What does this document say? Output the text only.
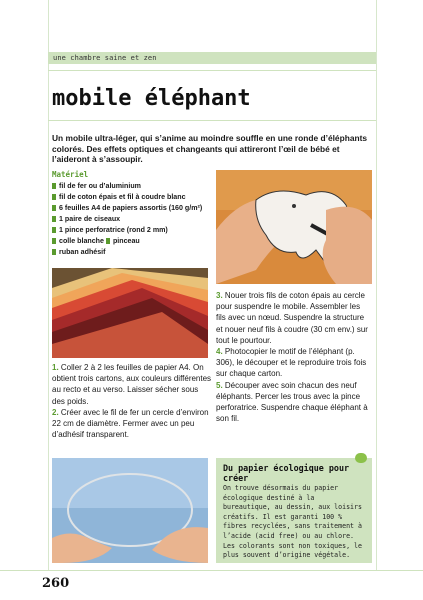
une chambre saine et zen
mobile éléphant
Un mobile ultra-léger, qui s’anime au moindre souffle en une ronde d’éléphants colorés. Des effets optiques et changeants qui attireront l’œil de bébé et l’aideront à s’assoupir.
Matériel
fil de fer ou d’aluminium
fil de coton épais et fil à coudre blanc
6 feuilles A4 de papiers assortis (160 g/m²)
1 paire de ciseaux
1 pince perforatrice (rond 2 mm)
colle blanche pinceau
ruban adhésif

1. Coller 2 à 2 les feuilles de papier A4. On obtient trois cartons, aux couleurs différentes au recto et au verso. Laisser sécher sous des poids.

2. Créer avec le fil de fer un cercle d’environ 22 cm de diamètre. Fermer avec un peu d’adhésif transparent.

3. Nouer trois fils de coton épais au cercle pour suspendre le mobile. Assembler les fils avec un nœud. Suspendre la structure et nouer neuf fils à coudre (30 cm env.) sur tout le pourtour.

4. Photocopier le motif de l’éléphant (p. 306), le découper et le reproduire trois fois sur chaque carton.

5. Découper avec soin chacun des neuf éléphants. Percer les trous avec la pince perforatrice. Suspendre chaque éléphant à son fil.

Du papier écologique pour créer
On trouve désormais du papier écologique destiné à la bureautique, au dessin, aux loisirs créatifs. Il est garanti 100 % fibres recyclées, sans traitement à l’acide (acid free) ou au chlore. Les colorants sont non toxiques, le plus souvent d’origine végétale.
260
